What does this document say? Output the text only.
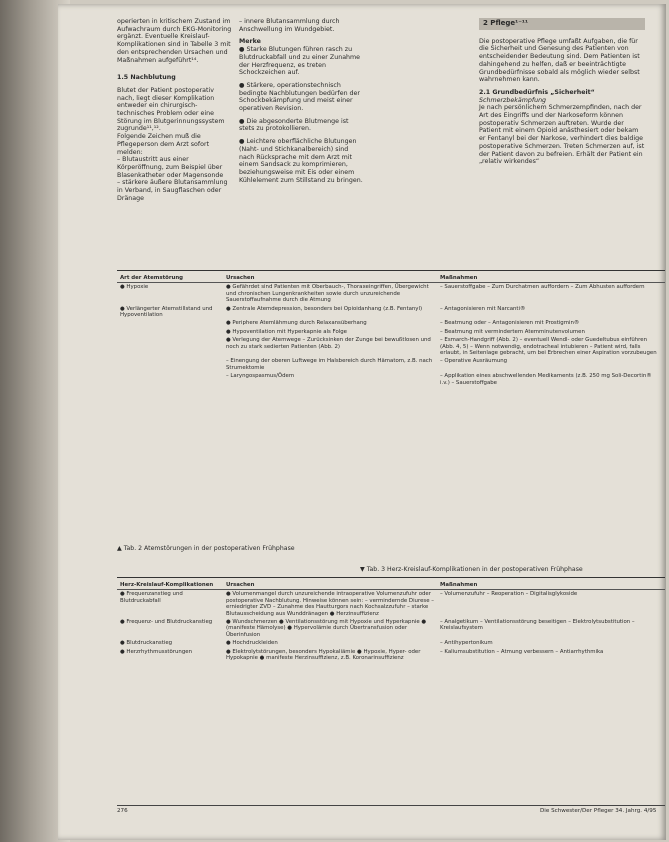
operierten in kritischem Zustand im Aufwachraum durch EKG-Monitoring ergänzt. Eventuelle Kreislauf-Komplikationen sind in Tabelle 3 mit den entsprechenden Ursachen und Maßnahmen aufgeführt¹⁴.

1.5 Nachblutung

Blutet der Patient postoperativ nach, liegt dieser Komplikation entweder ein chirurgisch-technisches Problem oder eine Störung im Blutgerinnungssystem zugrunde¹¹,¹².

Folgende Zeichen muß die Pflegeperson dem Arzt sofort melden:

– Blutaustritt aus einer Körperöffnung, zum Beispiel über Blasenkatheter oder Magensonde

– stärkere äußere Blutansammlung in Verband, in Saugflaschen oder Dränage

– innere Blutansammlung durch Anschwellung im Wundgebiet.

Merke

● Starke Blutungen führen rasch zu Blutdruckabfall und zu einer Zunahme der Herzfrequenz, es treten Schockzeichen auf.

● Stärkere, operationstechnisch bedingte Nachblutungen bedürfen der Schockbekämpfung und meist einer operativen Revision.

● Die abgesonderte Blutmenge ist stets zu protokollieren.

● Leichtere oberflächliche Blutungen (Naht- und Stichkanalbereich) sind nach Rücksprache mit dem Arzt mit einem Sandsack zu komprimieren, beziehungsweise mit Eis oder einem Kühlelement zum Stillstand zu bringen.

2 Pflege¹⁻¹¹

Die postoperative Pflege umfaßt Aufgaben, die für die Sicherheit und Genesung des Patienten von entscheidender Bedeutung sind. Dem Patienten ist dahingehend zu helfen, daß er beeinträchtigte Grundbedürfnisse sobald als möglich wieder selbst wahrnehmen kann.

2.1 Grundbedürfnis „Sicherheit“

Schmerzbekämpfung

Je nach persönlichem Schmerzempfinden, nach der Art des Eingriffs und der Narkoseform können postoperativ Schmerzen auftreten. Wurde der Patient mit einem Opioid anästhesiert oder bekam er Fentanyl bei der Narkose, verhindert dies baldige postoperative Schmerzen. Treten Schmerzen auf, ist der Patient davon zu befreien. Erhält der Patient ein „relativ wirkendes“

Art der Atemstörung	Ursachen	Maßnahmen
● Hypoxie	● Gefährdet sind Patienten mit Oberbauch-, Thoraxeingriffen, Übergewicht und chronischen Lungenkrankheiten sowie durch unzureichende Sauerstoffaufnahme durch die Atmung	– Sauerstoffgabe – Zum Durchatmen auffordern – Zum Abhusten auffordern
● Verlängerter Atemstillstand und Hypoventilation	● Zentrale Atemdepression, besonders bei Opioidanhang (z.B. Fentanyl)	– Antagonisieren mit Narcanti®
	● Periphere Atemlähmung durch Relaxansüberhang	– Beatmung oder – Antagonisieren mit Prostigmin®
	● Hypoventilation mit Hyperkapnie als Folge	– Beatmung mit vermindertem Atemminutenvolumen
	● Verlegung der Atemwege – Zurücksinken der Zunge bei bewußtlosen und noch zu stark sedierten Patienten (Abb. 2)	– Esmarch-Handgriff (Abb. 2) – eventuell Wendl- oder Guedeltubus einführen (Abb. 4, 5) – Wenn notwendig, endotracheal intubieren – Patient wird, falls erlaubt, in Seitenlage gebracht, um bei Erbrechen einer Aspiration vorzubeugen
	– Einengung der oberen Luftwege im Halsbereich durch Hämatom, z.B. nach Strumektomie	– Operative Ausräumung
	– Laryngospasmus/Ödem	– Applikation eines abschwellenden Medikaments (z.B. 250 mg Soli-Decortin® i.v.) – Sauerstoffgabe
▲ Tab. 2 Atemstörungen in der postoperativen Frühphase
▼ Tab. 3 Herz-Kreislauf-Komplikationen in der postoperativen Frühphase
Herz-Kreislauf-Komplikationen	Ursachen	Maßnahmen
● Frequenzanstieg und Blutdruckabfall	● Volumenmangel durch unzureichende intraoperative Volumenzufuhr oder postoperative Nachblutung. Hinweise können sein: – vermindernde Diurese – erniedrigter ZVD – Zunahme des Hautturgors nach Kochsalzzufuhr – starke Blutausscheidung aus Wunddränagen ● Herzinsuffizienz	– Volumenzufuhr – Reoperation – Digitalisglykoside
● Frequenz- und Blutdruckanstieg	● Wundschmerzen ● Ventilationsstörung mit Hypoxie und Hyperkapnie ● (manifeste Hämolyse) ● Hypervolämie durch Übertransfusion oder Überinfusion	– Analgetikum – Ventilationsstörung beseitigen – Elektrolytsubstitution – Kreislaufsystem
● Blutdruckanstieg	● Hochdruckleiden	– Antihypertonikum
● Herzrhythmusstörungen	● Elektrolytstörungen, besonders Hypokaliämie ● Hypoxie, Hyper- oder Hypokapnie ● manifeste Herzinsuffizienz, z.B. Koronarinsuffizienz	– Kaliumsubstitution – Atmung verbessern – Antiarrhythmika
276	Die Schwester/Der Pfleger 34. Jahrg. 4/95
